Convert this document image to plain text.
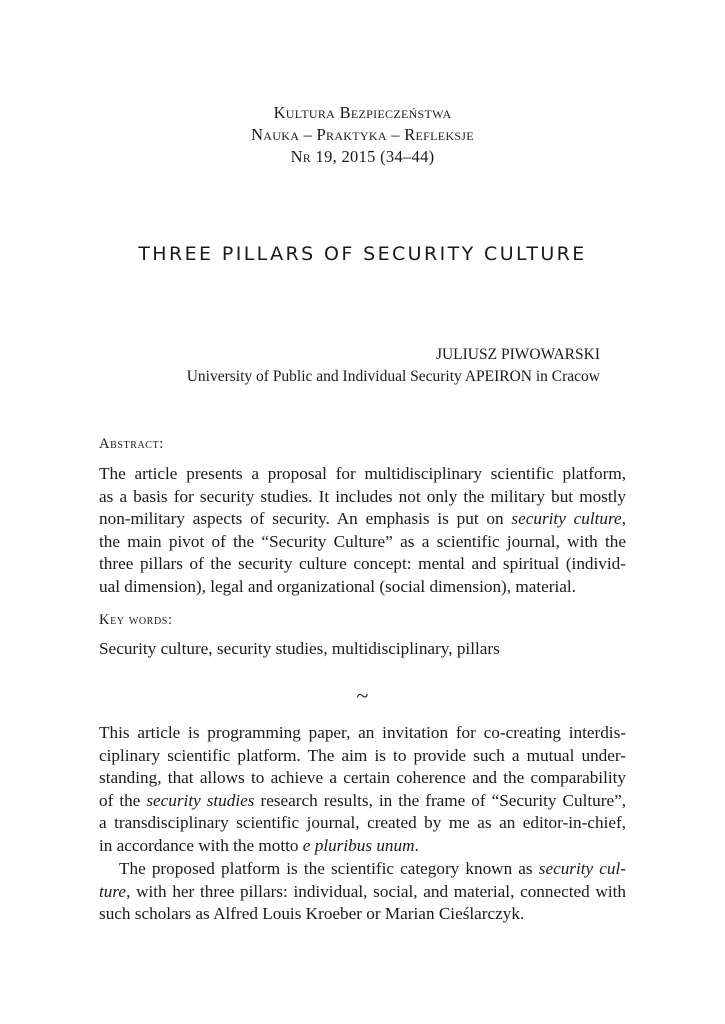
Kultura Bezpieczeństwa
Nauka – Praktyka – Refleksje
Nr 19, 2015 (34–44)
THREE PILLARS OF SECURITY CULTURE
JULIUSZ PIWOWARSKI
University of Public and Individual Security APEIRON in Cracow
Abstract:
The article presents a proposal for multidisciplinary scientific platform,
as a basis for security studies. It includes not only the military but mostly
non-military aspects of security. An emphasis is put on security culture,
the main pivot of the “Security Culture” as a scientific journal, with the
three pillars of the security culture concept: mental and spiritual (individ-
ual dimension), legal and organizational (social dimension), material.
Key words:
Security culture, security studies, multidisciplinary, pillars
~
This article is programming paper, an invitation for co-creating interdis-
ciplinary scientific platform. The aim is to provide such a mutual under-
standing, that allows to achieve a certain coherence and the comparability
of the security studies research results, in the frame of “Security Culture”,
a transdisciplinary scientific journal, created by me as an editor-in-chief,
in accordance with the motto e pluribus unum.
The proposed platform is the scientific category known as security cul-
ture, with her three pillars: individual, social, and material, connected with
such scholars as Alfred Louis Kroeber or Marian Cieślarczyk.
